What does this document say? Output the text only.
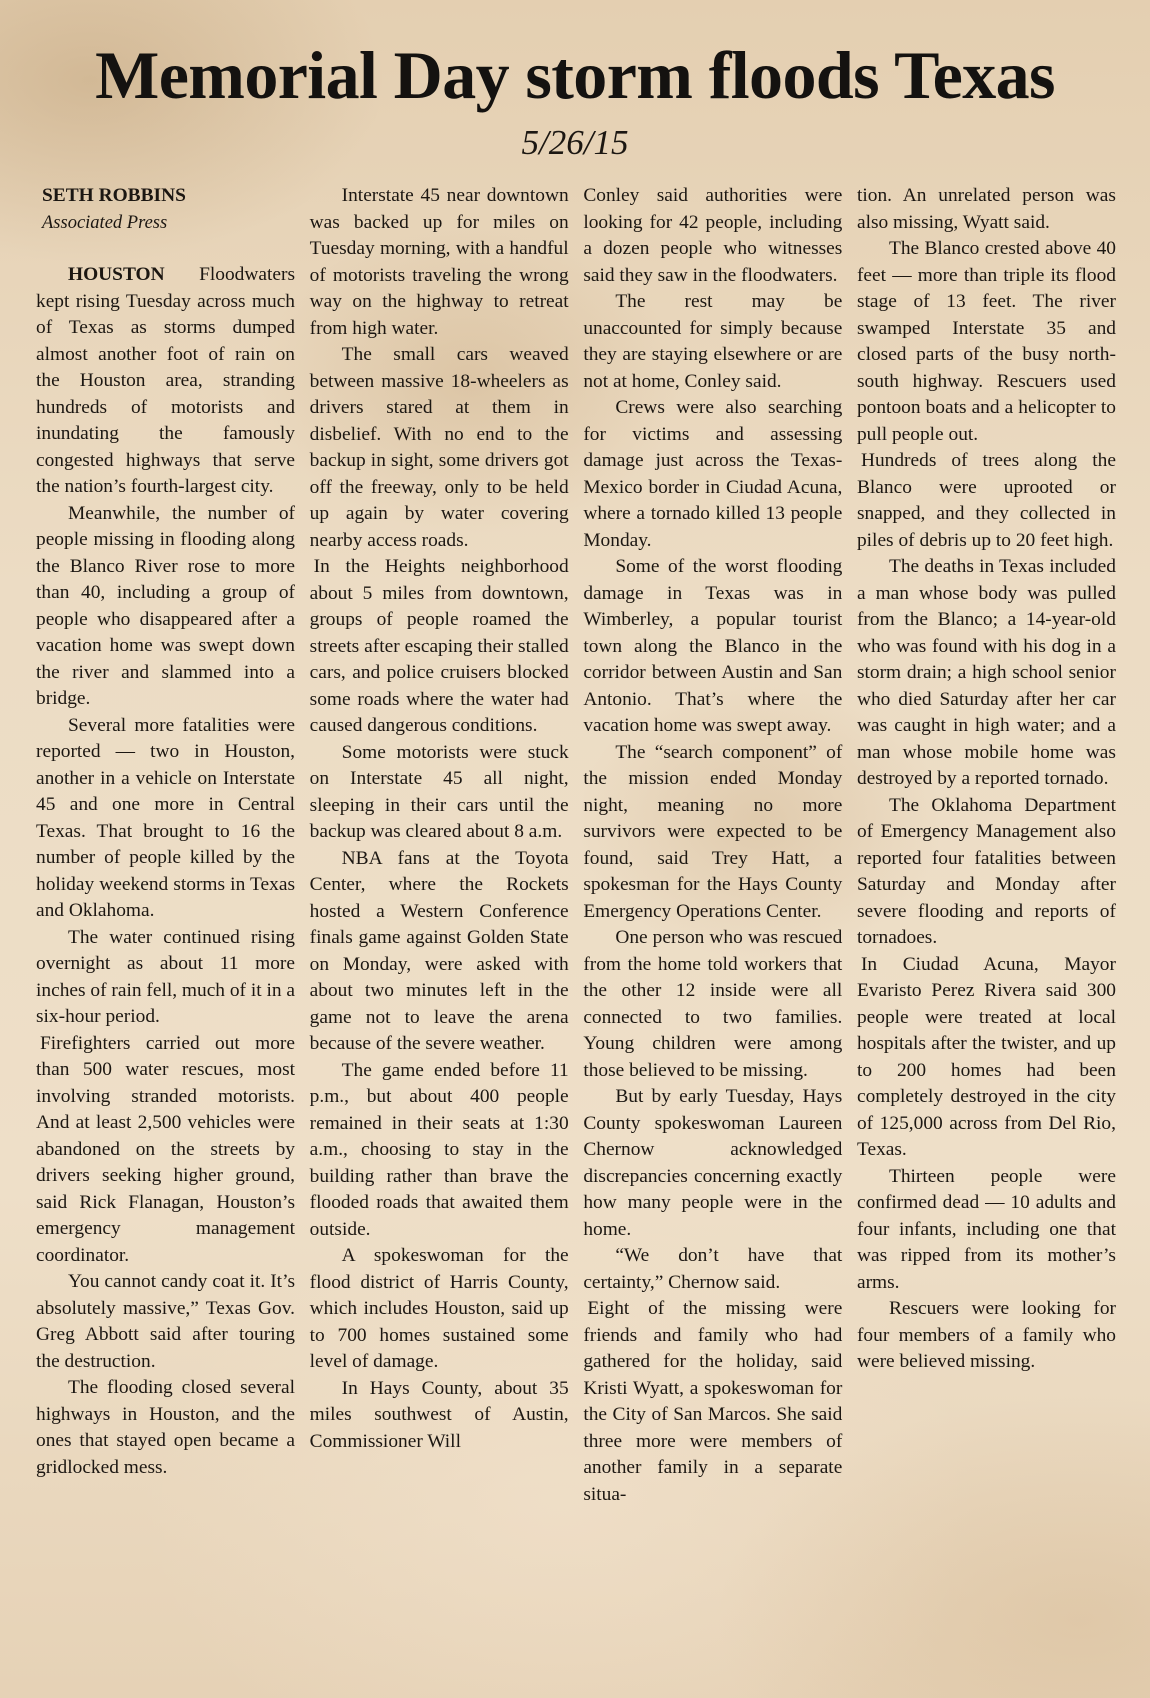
Memorial Day storm floods Texas
5/26/15
SETH ROBBINS
Associated Press

HOUSTON Floodwaters kept rising Tuesday across much of Texas as storms dumped almost another foot of rain on the Houston area, stranding hundreds of motorists and inundating the famously congested highways that serve the nation’s fourth-largest city.

Meanwhile, the number of people missing in flooding along the Blanco River rose to more than 40, including a group of people who disappeared after a vacation home was swept down the river and slammed into a bridge.

Several more fatalities were reported — two in Houston, another in a vehicle on Interstate 45 and one more in Central Texas. That brought to 16 the number of people killed by the holiday weekend storms in Texas and Oklahoma.

The water continued rising overnight as about 11 more inches of rain fell, much of it in a six-hour period.

Firefighters carried out more than 500 water rescues, most involving stranded motorists. And at least 2,500 vehicles were abandoned on the streets by drivers seeking higher ground, said Rick Flanagan, Houston’s emergency management coordinator.

You cannot candy coat it. It’s absolutely massive,” Texas Gov. Greg Abbott said after touring the destruction.

The flooding closed several highways in Houston, and the ones that stayed open became a gridlocked mess.

Interstate 45 near downtown was backed up for miles on Tuesday morning, with a handful of motorists traveling the wrong way on the highway to retreat from high water.

The small cars weaved between massive 18-wheelers as drivers stared at them in disbelief. With no end to the backup in sight, some drivers got off the freeway, only to be held up again by water covering nearby access roads.

In the Heights neighborhood about 5 miles from downtown, groups of people roamed the streets after escaping their stalled cars, and police cruisers blocked some roads where the water had caused dangerous conditions.

Some motorists were stuck on Interstate 45 all night, sleeping in their cars until the backup was cleared about 8 a.m.

NBA fans at the Toyota Center, where the Rockets hosted a Western Conference finals game against Golden State on Monday, were asked with about two minutes left in the game not to leave the arena because of the severe weather.

The game ended before 11 p.m., but about 400 people remained in their seats at 1:30 a.m., choosing to stay in the building rather than brave the flooded roads that awaited them outside.

A spokeswoman for the flood district of Harris County, which includes Houston, said up to 700 homes sustained some level of damage.

In Hays County, about 35 miles southwest of Austin, Commissioner Will

Conley said authorities were looking for 42 people, including a dozen people who witnesses said they saw in the floodwaters.

The rest may be unaccounted for simply because they are staying elsewhere or are not at home, Conley said.

Crews were also searching for victims and assessing damage just across the Texas-Mexico border in Ciudad Acuna, where a tornado killed 13 people Monday.

Some of the worst flooding damage in Texas was in Wimberley, a popular tourist town along the Blanco in the corridor between Austin and San Antonio. That’s where the vacation home was swept away.

The “search component” of the mission ended Monday night, meaning no more survivors were expected to be found, said Trey Hatt, a spokesman for the Hays County Emergency Operations Center.

One person who was rescued from the home told workers that the other 12 inside were all connected to two families. Young children were among those believed to be missing.

But by early Tuesday, Hays County spokeswoman Laureen Chernow acknowledged discrepancies concerning exactly how many people were in the home.

“We don’t have that certainty,” Chernow said.

Eight of the missing were friends and family who had gathered for the holiday, said Kristi Wyatt, a spokeswoman for the City of San Marcos. She said three more were members of another family in a separate situa-

tion. An unrelated person was also missing, Wyatt said.

The Blanco crested above 40 feet — more than triple its flood stage of 13 feet. The river swamped Interstate 35 and closed parts of the busy north-south highway. Rescuers used pontoon boats and a helicopter to pull people out.

Hundreds of trees along the Blanco were uprooted or snapped, and they collected in piles of debris up to 20 feet high.

The deaths in Texas included a man whose body was pulled from the Blanco; a 14-year-old who was found with his dog in a storm drain; a high school senior who died Saturday after her car was caught in high water; and a man whose mobile home was destroyed by a reported tornado.

The Oklahoma Department of Emergency Management also reported four fatalities between Saturday and Monday after severe flooding and reports of tornadoes.

In Ciudad Acuna, Mayor Evaristo Perez Rivera said 300 people were treated at local hospitals after the twister, and up to 200 homes had been completely destroyed in the city of 125,000 across from Del Rio, Texas.

Thirteen people were confirmed dead — 10 adults and four infants, including one that was ripped from its mother’s arms.

Rescuers were looking for four members of a family who were believed missing.
